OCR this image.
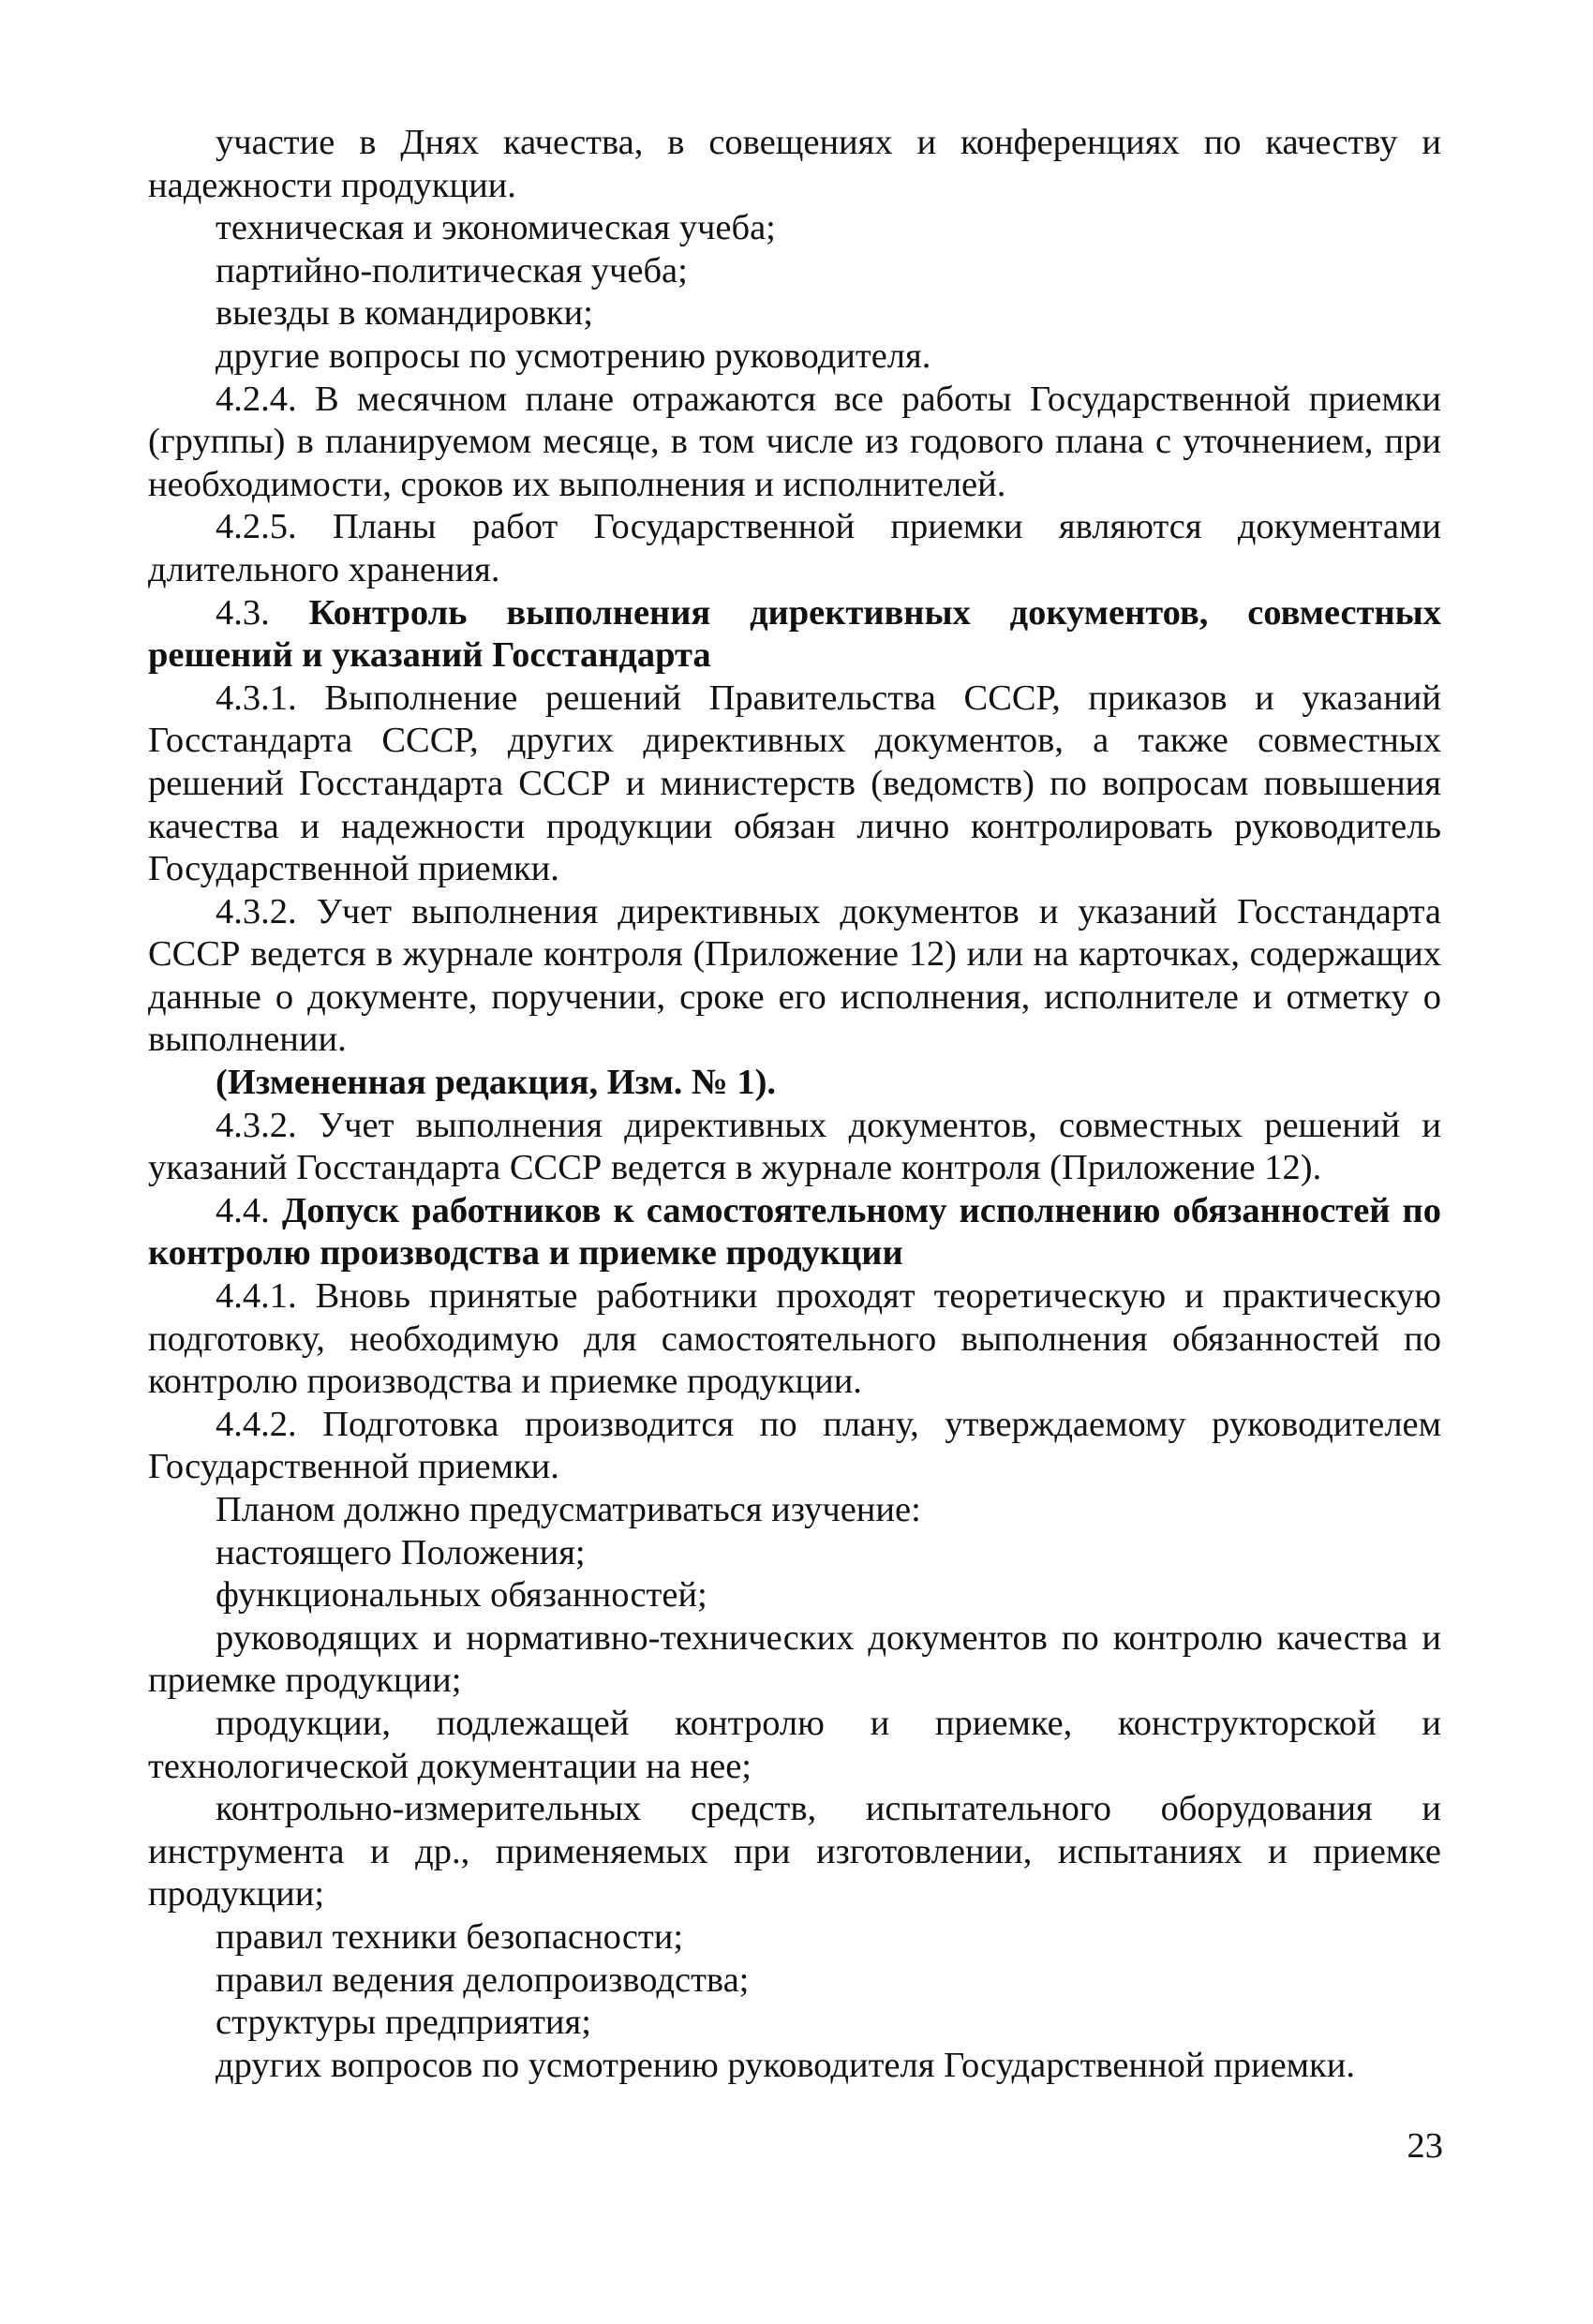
участие в Днях качества, в совещениях и конференциях по качеству и надежности продукции.

техническая и экономическая учеба;

партийно-политическая учеба;

выезды в командировки;

другие вопросы по усмотрению руководителя.

4.2.4. В месячном плане отражаются все работы Государственной приемки (группы) в планируемом месяце, в том числе из годового плана с уточнением, при необходимости, сроков их выполнения и исполнителей.

4.2.5. Планы работ Государственной приемки являются документами длительного хранения.

4.3. Контроль выполнения директивных документов, совместных решений и указаний Госстандарта

4.3.1. Выполнение решений Правительства СССР, приказов и указаний Госстандарта СССР, других директивных документов, а также совместных решений Госстандарта СССР и министерств (ведомств) по вопросам повышения качества и надежности продукции обязан лично контролировать руководитель Государственной приемки.

4.3.2. Учет выполнения директивных документов и указаний Госстандарта СССР ведется в журнале контроля (Приложение 12) или на карточках, содержащих данные о документе, поручении, сроке его исполнения, исполнителе и отметку о выполнении.

(Измененная редакция, Изм. № 1).

4.3.2. Учет выполнения директивных документов, совместных решений и указаний Госстандарта СССР ведется в журнале контроля (Приложение 12).

4.4. Допуск работников к самостоятельному исполнению обязанностей по контролю производства и приемке продукции

4.4.1. Вновь принятые работники проходят теоретическую и практическую подготовку, необходимую для самостоятельного выполнения обязанностей по контролю производства и приемке продукции.

4.4.2. Подготовка производится по плану, утверждаемому руководителем Государственной приемки.

Планом должно предусматриваться изучение:

настоящего Положения;

функциональных обязанностей;

руководящих и нормативно-технических документов по контролю качества и приемке продукции;

продукции, подлежащей контролю и приемке, конструкторской и технологической документации на нее;

контрольно-измерительных средств, испытательного оборудования и инструмента и др., применяемых при изготовлении, испытаниях и приемке продукции;

правил техники безопасности;

правил ведения делопроизводства;

структуры предприятия;

других вопросов по усмотрению руководителя Государственной приемки.

23
